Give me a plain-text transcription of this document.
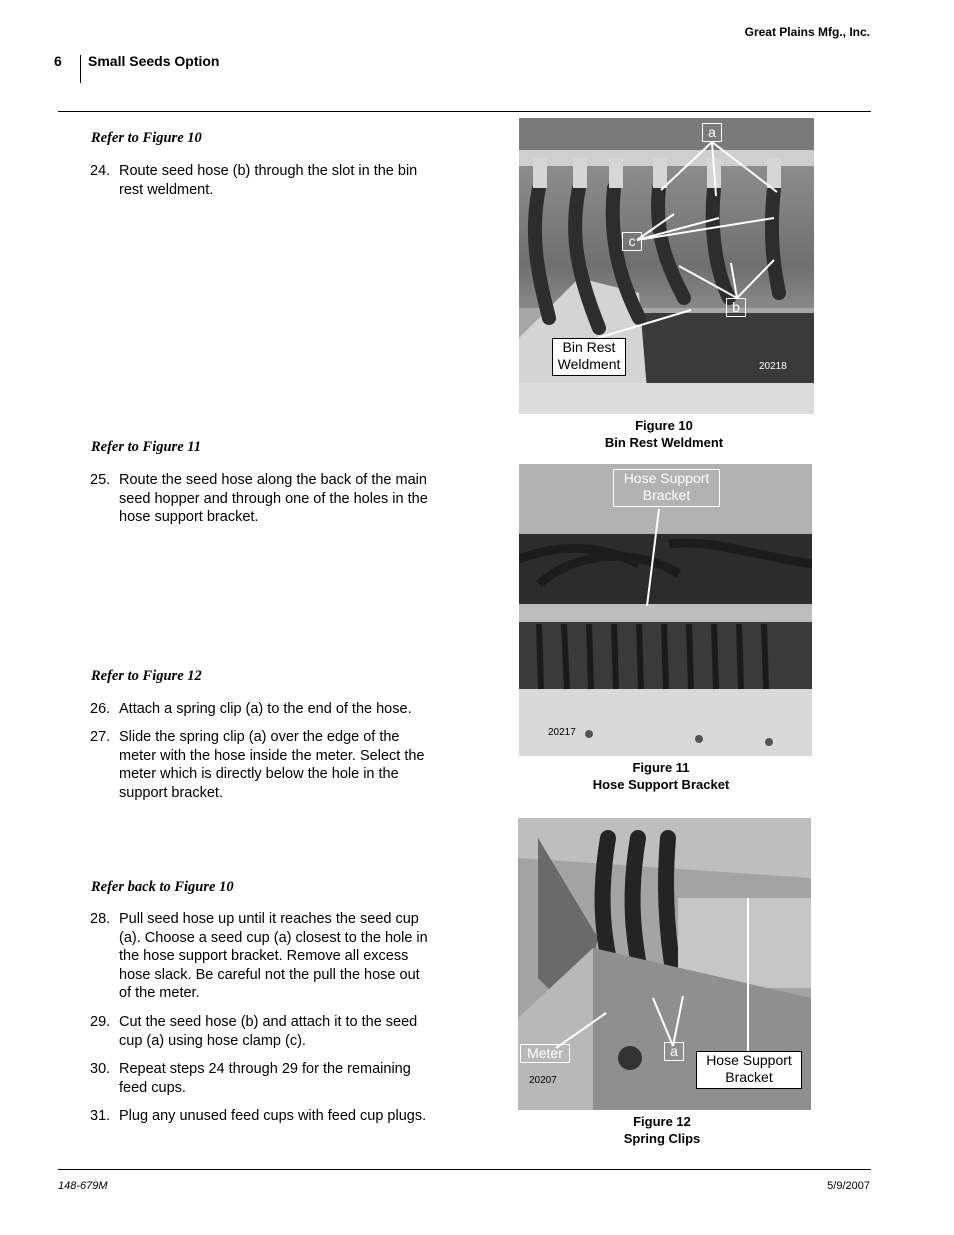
Great Plains Mfg., Inc.
6 Small Seeds Option
Refer to Figure 10
24. Route seed hose (b) through the slot in the bin rest weldment.
Refer to Figure 11
25. Route the seed hose along the back of the main seed hopper and through one of the holes in the hose support bracket.
Refer to Figure 12
26. Attach a spring clip (a) to the end of the hose.
27. Slide the spring clip (a) over the edge of the meter with the hose inside the meter. Select the meter which is directly below the hole in the support bracket.
Refer back to Figure 10
28. Pull seed hose up until it reaches the seed cup (a). Choose a seed cup (a) closest to the hole in the hose support bracket. Remove all excess hose slack. Be careful not the pull the hose out of the meter.
29. Cut the seed hose (b) and attach it to the seed cup (a) using hose clamp (c).
30. Repeat steps 24 through 29 for the remaining feed cups.
31. Plug any unused feed cups with feed cup plugs.
a
c
b
Bin Rest
Weldment	20218
Figure 10
Bin Rest Weldment
Hose Support
Bracket
20217
Figure 11
Hose Support Bracket
Meter	a
Hose Support
Bracket
20207
Figure 12
Spring Clips
148-679M	5/9/2007
